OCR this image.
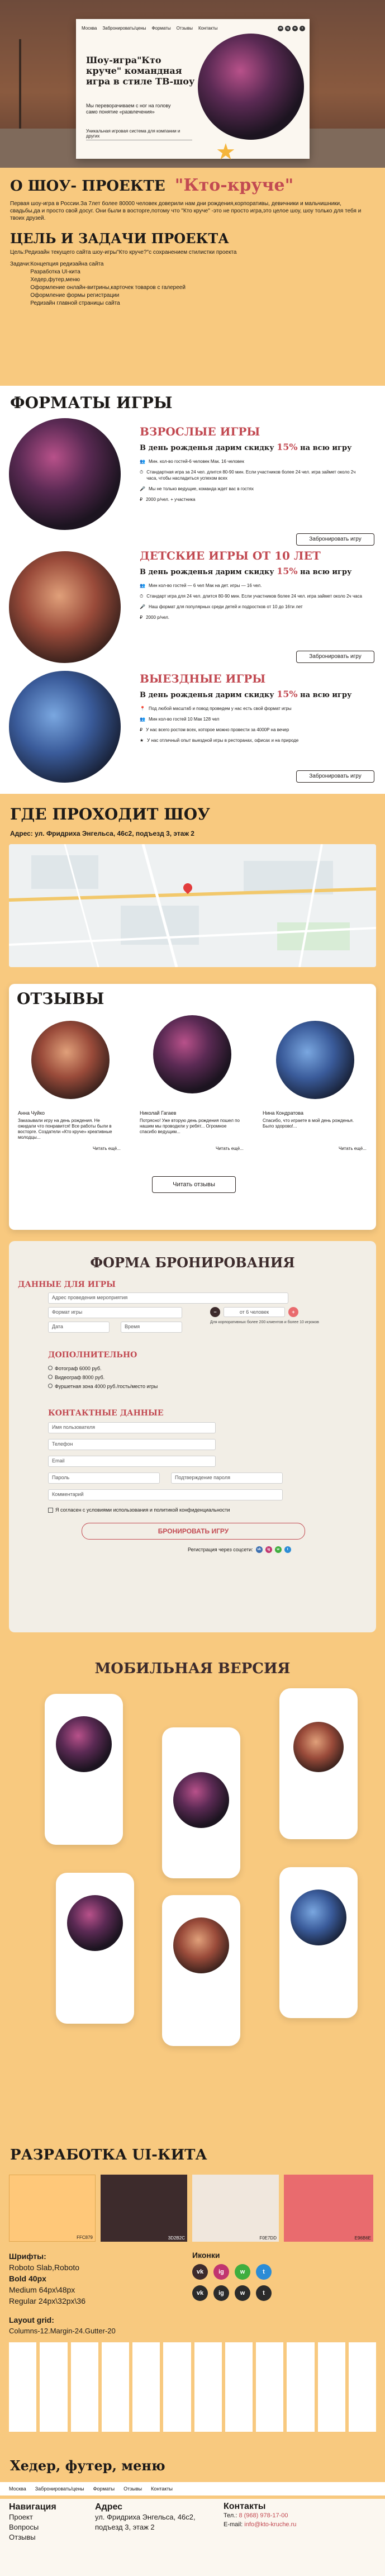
Москва Забронировать/цены Форматы Отзывы Контакты	vk	ig	w	t
Шоу-игра"Кто круче" командная игра в стиле ТВ-шоу
Мы переворачиваем с ног на голову само понятие «развлечения»
Уникальная игровая система для компании и других
★
О ШОУ- ПРОЕКТЕ "Кто-круче"
Первая шоу-игра в России.За 7лет более 80000 человек доверили нам дни рождения,корпоративы, девичники и мальчишники, свадьбы,да и просто свой досуг. Они были в восторге,потому что "Кто круче" -это не просто игра,это целое шоу, шоу только для тебя и твоих друзей.
ЦЕЛЬ И ЗАДАЧИ ПРОЕКТА
Цель:Редизайн текущего сайта шоу-игры"Кто круче?"с сохранением стилистки проекта
Задачи: Концепция редизайна сайта
Разработка UI-кита
Хедер,футер,меню
Оформление онлайн-витрины,карточек товаров с галереей
Оформление формы регистрации
Редизайн главной страницы сайта
ФОРМАТЫ ИГРЫ
ВЗРОСЛЫЕ ИГРЫ
В день рожденья дарим скидку 15% на всю игру
👥 Мин. кол-во гостей-6 человек Мак. 16 человек
⏱ Стандартная игра за 24 чел. длится 80-90 мин. Если участников более 24 чел. игра займет около 2ч часа, чтобы насладиться успехом всех
🎤 Мы не только ведущие, команда ждет вас в гостях
₽ 2000 р/чел. + участника
Забронировать игру
ДЕТСКИЕ ИГРЫ ОТ 10 ЛЕТ
В день рожденья дарим скидку 15% на всю игру
👥 Мин кол-во гостей — 6 чел Мак на дет. игры — 16 чел.
⏱ Стандарт игра для 24 чел. длится 80-90 мин. Если участников более 24 чел. игра займет около 2ч часа
🎤 Наш формат для популярных среди детей и подростков от 10 до 16ти лет
₽ 2000 р/чел.
Забронировать игру
ВЫЕЗДНЫЕ ИГРЫ
В день рожденья дарим скидку 15% на всю игру
📍 Под любой масштаб и повод проведем у нас есть свой формат игры
👥 Мин кол-во гостей 10 Мак 128 чел
₽ У нас всего ростом всех, которое можно провести за 4000Р на вечер
★ У нас отличный опыт выездной игры в ресторанах, офисах и на природе
Забронировать игру
ГДЕ ПРОХОДИТ ШОУ
Адрес: ул. Фридриха Энгельса, 46с2, подъезд 3, этаж 2
ОТЗЫВЫ
Анна Чуйко
Заказывали игру на день рождения. Не ожидали что понравится! Все работы были в восторге. Создатели «Кто круче» креативные молодцы...
Читать ещё...
Николай Гагаев
Потрясно! Уже вторую день рождения пошел по нашим мы проводили у ребят... Огромное спасибо ведущим...
Читать ещё...
Нина Кондратова
Спасибо, что играете в мой день рожденья. Было здорово!...
Читать ещё...
Читать отзывы
ФОРМА БРОНИРОВАНИЯ
ДАННЫЕ ДЛЯ ИГРЫ
Адрес проведения мероприятия
Формат игры	−	от 6 человек	+
Дата	Время
Для корпоративных более 200 клиентов и более 10 игроков
ДОПОЛНИТЕЛЬНО
Фотограф 6000 руб.
Видеограф 8000 руб.
Фуршетная зона 4000 руб./гость/место игры
КОНТАКТНЫЕ ДАННЫЕ
Имя пользователя
Телефон
Email
Пароль	Подтверждение пароля
Комментарий
Я согласен с условиями использования и политикой конфиденциальности
БРОНИРОВАТЬ ИГРУ
Регистрация через соцсети:	vk	ig	w	t
МОБИЛЬНАЯ ВЕРСИЯ
РАЗРАБОТКА UI-КИТА
FFC879	3D2B2C	F0E7DD	E96B6E
Шрифты:
Roboto Slab,Roboto
Bold 40px
Medium 64px\48px
Regular 24px\32px\36
Иконки
vk	ig	w	t
vk	ig	w	t
Layout grid:
Columns-12.Margin-24.Gutter-20
Хедер, футер, меню
Москва Забронировать/цены Форматы Отзывы Контакты
Навигация
Проект
Вопросы
Отзывы
Адрес
ул. Фридриха Энгельса, 46с2, подъезд 3, этаж 2
Контакты
Тел.: 8 (968) 978-17-00
E-mail: info@kto-kruche.ru
